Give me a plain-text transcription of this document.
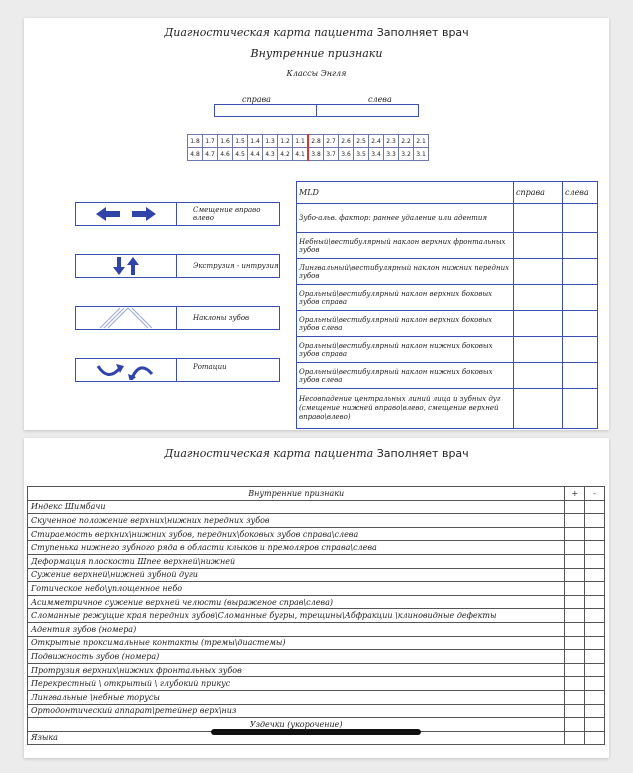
Диагностическая карта пациента Заполняет врач
Внутренние признаки
Классы Энгля
справа	слева
1.8	1.7	1.6	1.5	1.4	1.3	1.2	1.1	2.8	2.7	2.6	2.5	2.4	2.3	2.2	2.1
4.8	4.7	4.6	4.5	4.4	4.3	4.2	4.1	3.8	3.7	3.6	3.5	3.4	3.3	3.2	3.1
Смещение вправо влево
Экструзия - интрузия
Наклоны зубов
Ротации
MLD	справа	слева
Зубо-альв. фактор: раннее удаление или адентия		
Небный\вестибулярный наклон верхних фронтальных зубов		
Лингвальный\вестибулярный наклон нижних передних зубов		
Оральный\вестибулярный наклон верхних боковых зубов справа		
Оральный\вестибулярный наклон верхних боковых зубов слева		
Оральный\вестибулярный наклон нижних боковых зубов справа		
Оральный\вестибулярный наклон нижних боковых зубов слева		
Несовпадение центральных линий лица и зубных дуг (смещение нижней вправо\влево, смещение верхней вправо\влево)		
Диагностическая карта пациента Заполняет врач
Внутренние признаки	+	-
Индекс Шимбачи		
Скученное положение верхних\нижних передних зубов		
Стираемость верхних\нижних зубов, передних\боковых зубов справа\слева		
Ступенька нижнего зубного ряда в области клыков и премоляров справа\слева		
Деформация плоскости Шпее верхней\нижней		
Сужение верхней\нижней зубной дуги		
Готическое небо\уплощенное небо		
Асимметричное сужение верхней челюсти (выраженое справ\слева)		
Сломанные режущие края передних зубов\Сломанные бугры, трещины\Абфракции \клиновидные дефекты		
Адентия зубов (номера)		
Открытые проксимальные контакты (тремы\диастемы)		
Подвижность зубов (номера)		
Протрузия верхних\нижних фронтальных зубов		
Перекрестный \ открытый \ глубокий прикус		
Лингвальные \небные торусы		
Ортодонтический аппарат\ретейнер верх\низ		
Уздечки (укорочение)		
Языка		
